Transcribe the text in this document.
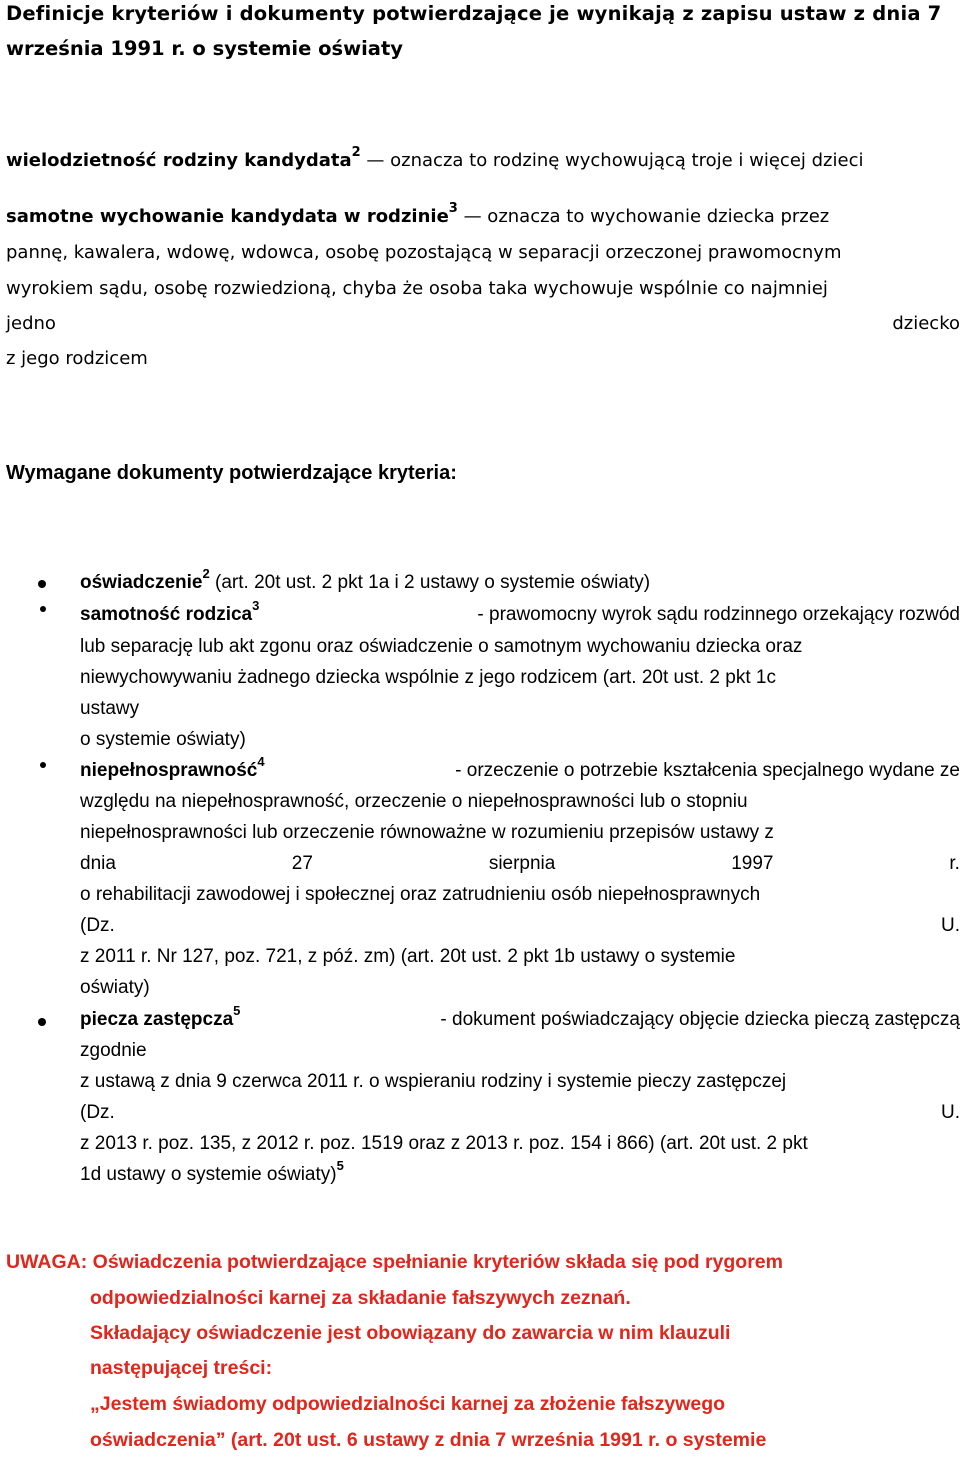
Definicje kryteriów i dokumenty potwierdzające je wynikają z zapisu ustaw z dnia 7
września 1991 r. o systemie oświaty
wielodzietność rodziny kandydata$^2$ — oznacza to rodzinę wychowującą troje i więcej dzieci
samotne wychowanie kandydata w rodzinie$^3$ — oznacza to wychowanie dziecka przez
pannę, kawalera, wdowę, wdowca, osobę pozostającą w separacji orzeczonej prawomocnym
wyrokiem sądu, osobę rozwiedzioną, chyba że osoba taka wychowuje wspólnie co najmniej
jedno	dziecko
z jego rodzicem
Wymagane dokumenty potwierdzające kryteria:
oświadczenie$^2$ (art. 20t ust. 2 pkt 1a i 2 ustawy o systemie oświaty)
samotność rodzica$^3$	- prawomocny wyrok sądu rodzinnego orzekający rozwód
lub separację lub akt zgonu oraz oświadczenie o samotnym wychowaniu dziecka oraz
niewychowywaniu żadnego dziecka wspólnie z jego rodzicem (art. 20t ust. 2 pkt 1c
ustawy
o systemie oświaty)
niepełnosprawność$^4$	- orzeczenie o potrzebie kształcenia specjalnego wydane ze
względu na niepełnosprawność, orzeczenie o niepełnosprawności lub o stopniu
niepełnosprawności lub orzeczenie równoważne w rozumieniu przepisów ustawy z
dnia	27	sierpnia	1997	r.
o rehabilitacji zawodowej i społecznej oraz zatrudnieniu osób niepełnosprawnych
(Dz.	U.
z 2011 r. Nr 127, poz. 721, z póź. zm) (art. 20t ust. 2 pkt 1b ustawy o systemie
oświaty)
piecza zastępcza$^5$	- dokument poświadczający objęcie dziecka pieczą zastępczą
zgodnie
z ustawą z dnia 9 czerwca 2011 r. o wspieraniu rodziny i systemie pieczy zastępczej
(Dz.	U.
z 2013 r. poz. 135, z 2012 r. poz. 1519 oraz z 2013 r. poz. 154 i 866) (art. 20t ust. 2 pkt
1d ustawy o systemie oświaty)$^5$
UWAGA: Oświadczenia potwierdzające spełnianie kryteriów składa się pod rygorem
odpowiedzialności karnej za składanie fałszywych zeznań.
Składający oświadczenie jest obowiązany do zawarcia w nim klauzuli
następującej treści:
„Jestem świadomy odpowiedzialności karnej za złożenie fałszywego
oświadczenia” (art. 20t ust. 6 ustawy z dnia 7 września 1991 r. o systemie
